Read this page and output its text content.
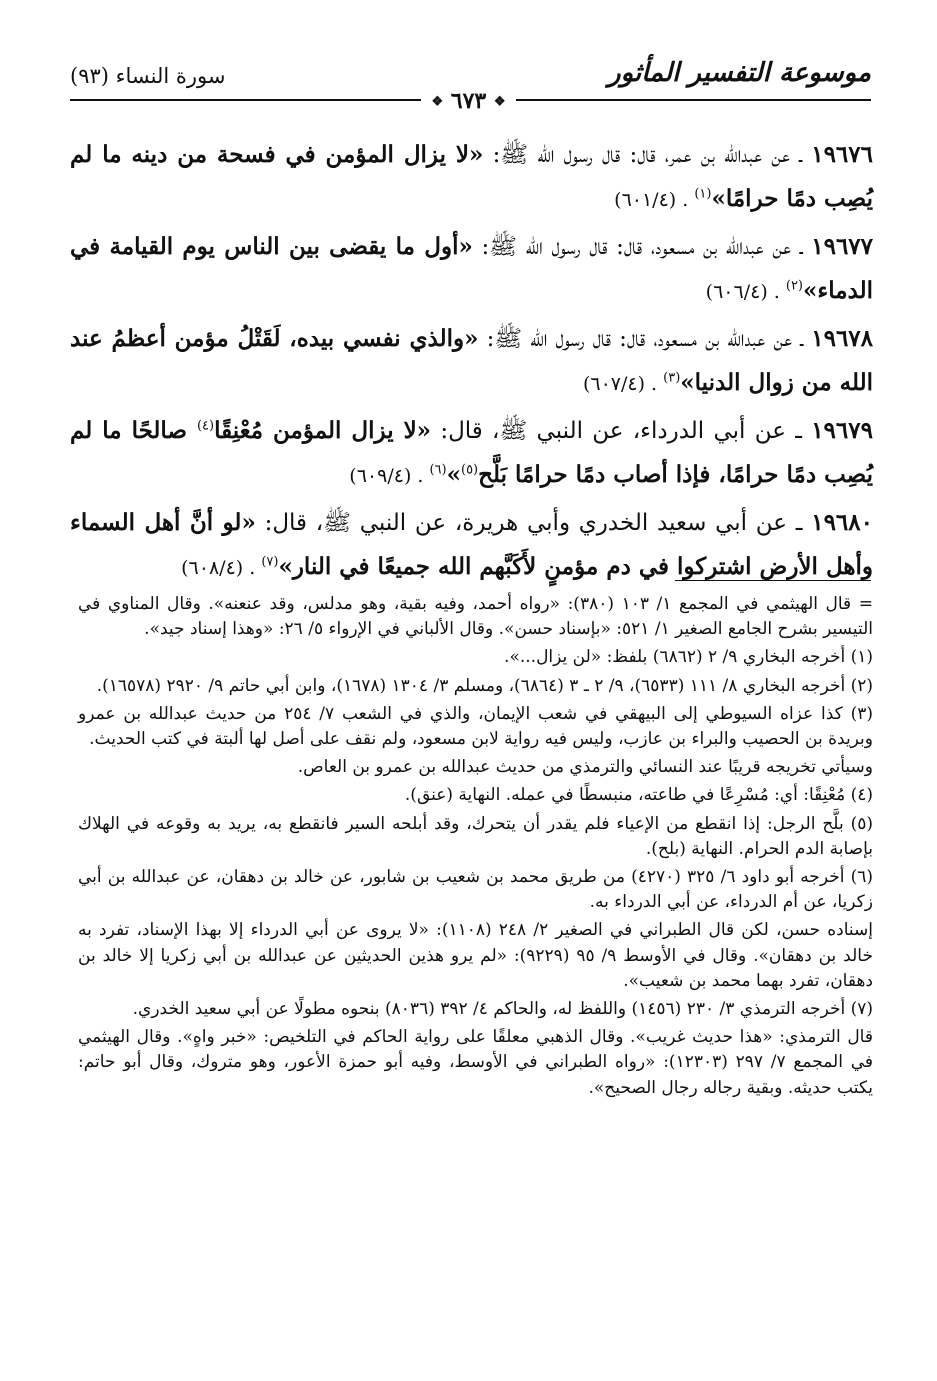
سورة النساء (٩٣)	موسوعة التفسير المأثور
❖ ٦٧٣ ❖

١٩٦٧٦ ـ عن عبدالله بن عمر، قال: قال رسول الله ﷺ: «لا يزال المؤمن في فسحة من دينه ما لم يُصِب دمًا حرامًا»$^{(١)}$ . (٦٠١/٤)

١٩٦٧٧ ـ عن عبدالله بن مسعود، قال: قال رسول الله ﷺ: «أول ما يقضى بين الناس يوم القيامة في الدماء»$^{(٢)}$ . (٦٠٦/٤)

١٩٦٧٨ ـ عن عبدالله بن مسعود، قال: قال رسول الله ﷺ: «والذي نفسي بيده، لَقَتْلُ مؤمن أعظمُ عند الله من زوال الدنيا»$^{(٣)}$ . (٦٠٧/٤)

١٩٦٧٩ ـ عن أبي الدرداء، عن النبي ﷺ، قال: «لا يزال المؤمن مُعْنِقًا$^{(٤)}$ صالحًا ما لم يُصِب دمًا حرامًا، فإذا أصاب دمًا حرامًا بَلَّح$^{(٥)}$»$^{(٦)}$ . (٦٠٩/٤)

١٩٦٨٠ ـ عن أبي سعيد الخدري وأبي هريرة، عن النبي ﷺ، قال: «لو أنَّ أهل السماء وأهل الأرض اشتركوا في دم مؤمنٍ لأَكَبَّهم الله جميعًا في النار»$^{(٧)}$ . (٦٠٨/٤)

= قال الهيثمي في المجمع ١/ ١٠٣ (٣٨٠): «رواه أحمد، وفيه بقية، وهو مدلس، وقد عنعنه». وقال المناوي في التيسير بشرح الجامع الصغير ١/ ٥٢١: «بإسناد حسن». وقال الألباني في الإرواء ٥/ ٢٦: «وهذا إسناد جيد».

(١) أخرجه البخاري ٩/ ٢ (٦٨٦٢) بلفظ: «لن يزال...».

(٢) أخرجه البخاري ٨/ ١١١ (٦٥٣٣)، ٩/ ٢ ـ ٣ (٦٨٦٤)، ومسلم ٣/ ١٣٠٤ (١٦٧٨)، وابن أبي حاتم ٩/ ٢٩٢٠ (١٦٥٧٨).

(٣) كذا عزاه السيوطي إلى البيهقي في شعب الإيمان، والذي في الشعب ٧/ ٢٥٤ من حديث عبدالله بن عمرو وبريدة بن الحصيب والبراء بن عازب، وليس فيه رواية لابن مسعود، ولم نقف على أصل لها ألبتة في كتب الحديث.

وسيأتي تخريجه قريبًا عند النسائي والترمذي من حديث عبدالله بن عمرو بن العاص.

(٤) مُعْنِقًا: أي: مُسْرِعًا في طاعته، منبسطًا في عمله. النهاية (عنق).

(٥) بلَّح الرجل: إذا انقطع من الإعياء فلم يقدر أن يتحرك، وقد أبلحه السير فانقطع به، يريد به وقوعه في الهلاك بإصابة الدم الحرام. النهاية (بلح).

(٦) أخرجه أبو داود ٦/ ٣٢٥ (٤٢٧٠) من طريق محمد بن شعيب بن شابور، عن خالد بن دهقان، عن عبدالله بن أبي زكريا، عن أم الدرداء، عن أبي الدرداء به.

إسناده حسن، لكن قال الطبراني في الصغير ٢/ ٢٤٨ (١١٠٨): «لا يروى عن أبي الدرداء إلا بهذا الإسناد، تفرد به خالد بن دهقان». وقال في الأوسط ٩/ ٩٥ (٩٢٢٩): «لم يرو هذين الحديثين عن عبدالله بن أبي زكريا إلا خالد بن دهقان، تفرد بهما محمد بن شعيب».

(٧) أخرجه الترمذي ٣/ ٢٣٠ (١٤٥٦) واللفظ له، والحاكم ٤/ ٣٩٢ (٨٠٣٦) بنحوه مطولًا عن أبي سعيد الخدري.

قال الترمذي: «هذا حديث غريب». وقال الذهبي معلقًا على رواية الحاكم في التلخيص: «خبر واهٍ». وقال الهيثمي في المجمع ٧/ ٢٩٧ (١٢٣٠٣): «رواه الطبراني في الأوسط، وفيه أبو حمزة الأعور، وهو متروك، وقال أبو حاتم: يكتب حديثه. وبقية رجاله رجال الصحيح».
